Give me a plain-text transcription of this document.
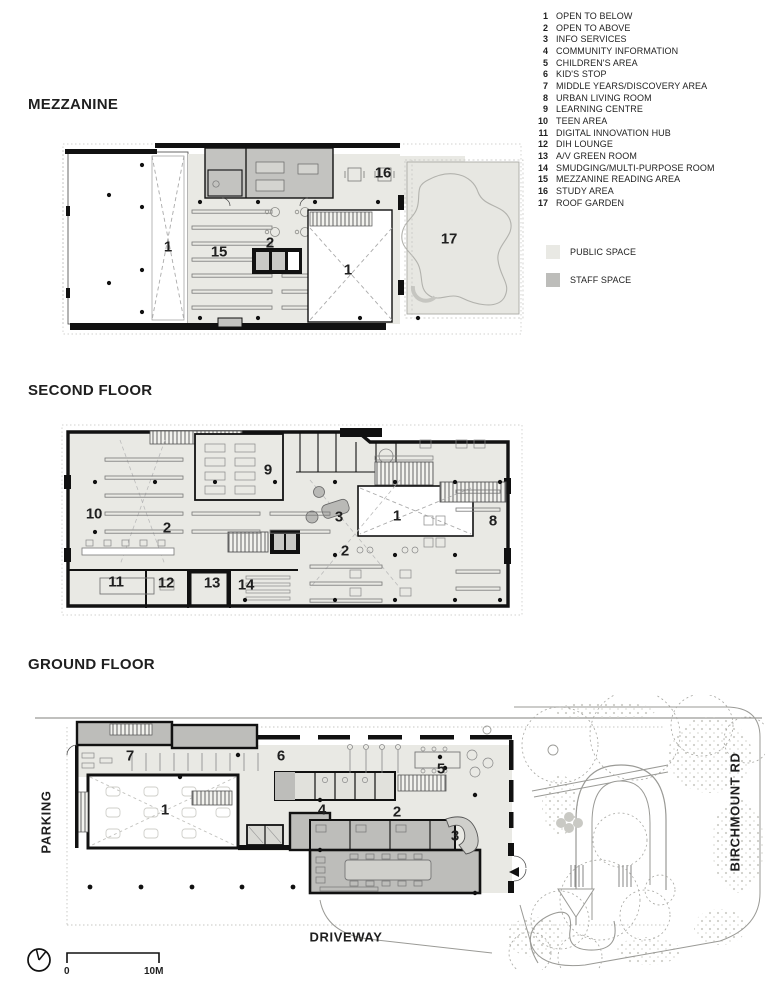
1 OPEN TO BELOW
2 OPEN TO ABOVE
3 INFO SERVICES
4 COMMUNITY INFORMATION
5 CHILDREN'S AREA
6 KID'S STOP
7 MIDDLE YEARS/DISCOVERY AREA
8 URBAN LIVING ROOM
9 LEARNING CENTRE
10 TEEN AREA
11 DIGITAL INNOVATION HUB
12 DIH LOUNGE
13 A/V GREEN ROOM
14 SMUDGING/MULTI-PURPOSE ROOM
15 MEZZANINE READING AREA
16 STUDY AREA
17 ROOF GARDEN
PUBLIC SPACE
STAFF SPACE
MEZZANINE
SECOND FLOOR
GROUND FLOOR
1	15
2
1
16
17
10
2
9
3	1	8
2
11 12 13 14
7	6
5
1	4	2
3
PARKING	BIRCHMOUNT RD
DRIVEWAY
0	10M
